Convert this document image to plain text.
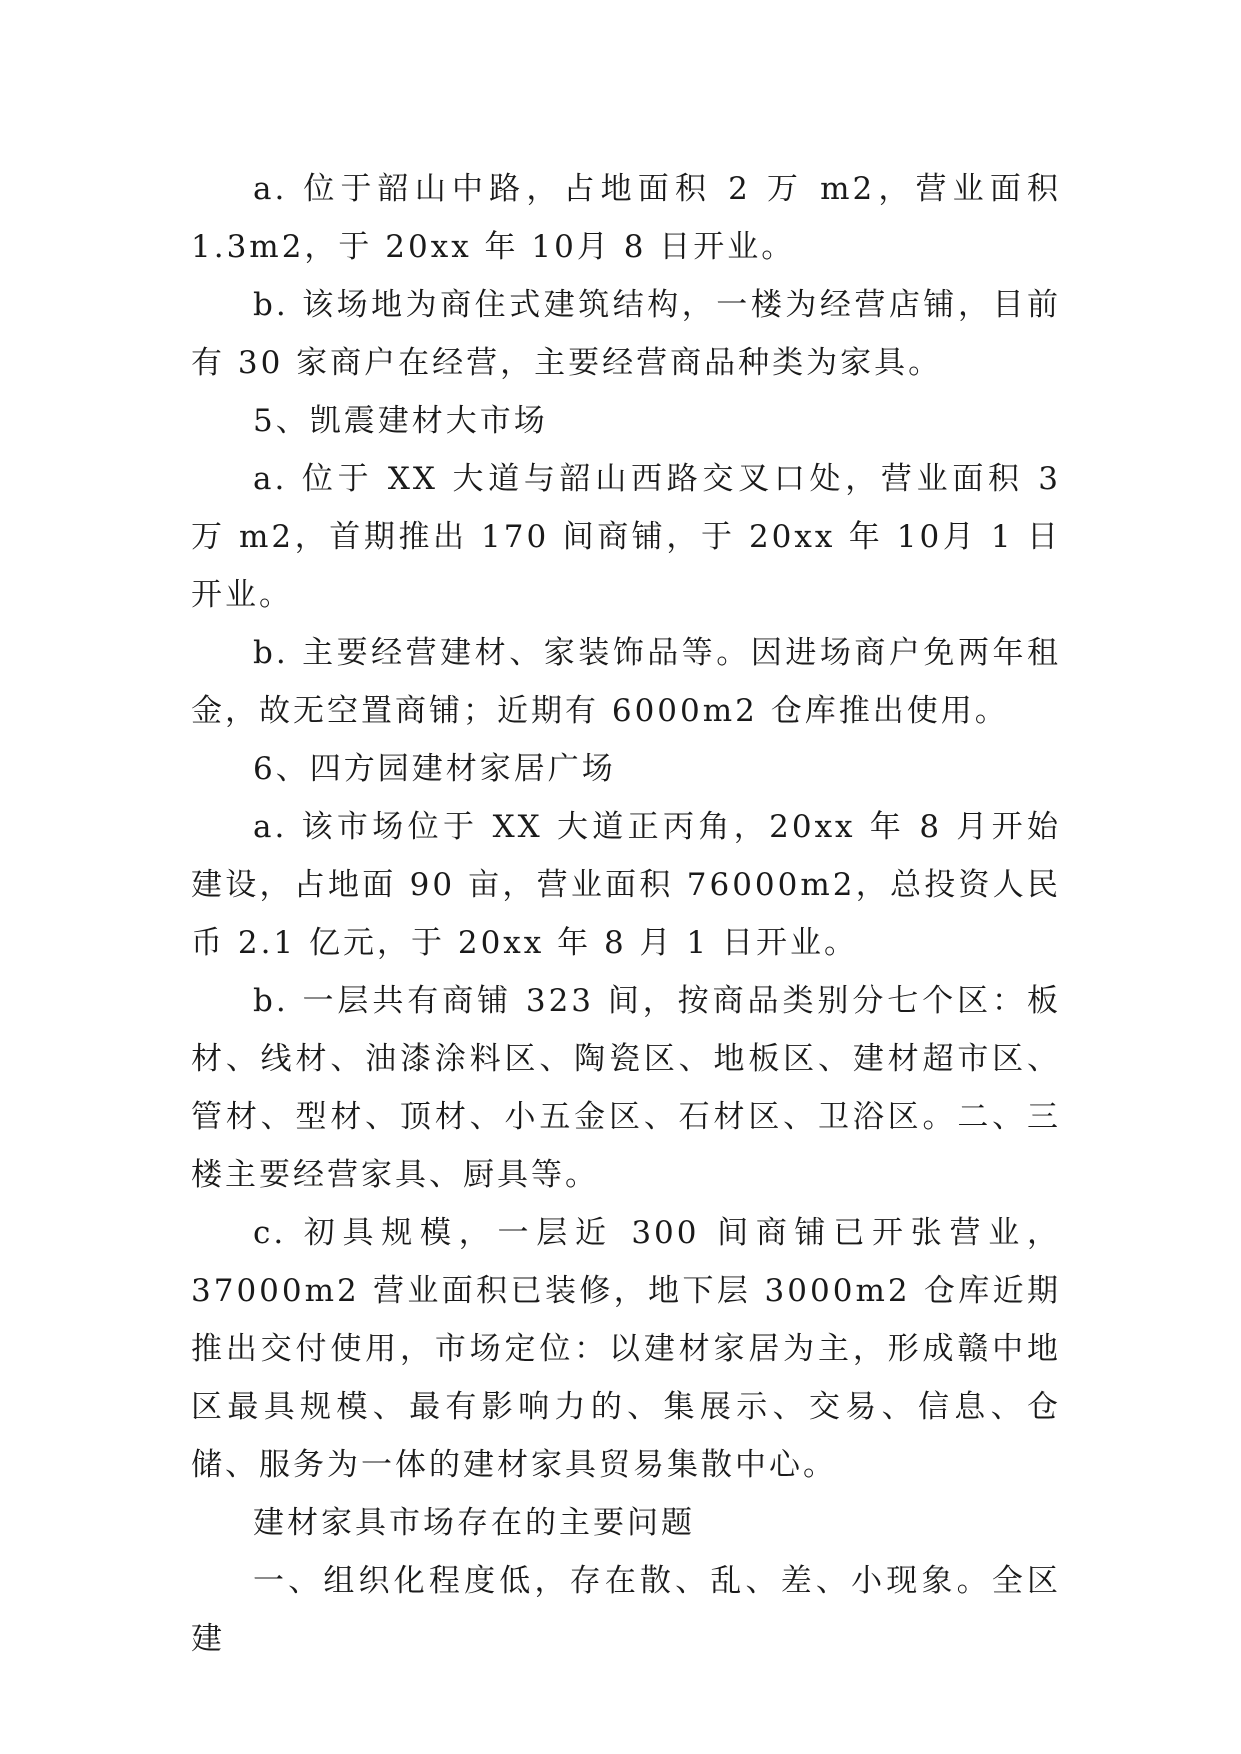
a. 位于韶山中路，占地面积 2 万 m2，营业面积 1.3m2，于 20xx 年 10月 8 日开业。

b. 该场地为商住式建筑结构，一楼为经营店铺，目前有 30 家商户在经营，主要经营商品种类为家具。

5、凯震建材大市场

a. 位于 XX 大道与韶山西路交叉口处，营业面积 3 万 m2，首期推出 170 间商铺，于 20xx 年 10月 1 日开业。

b. 主要经营建材、家装饰品等。因进场商户免两年租金，故无空置商铺；近期有 6000m2 仓库推出使用。

6、四方园建材家居广场

a. 该市场位于 XX 大道正丙角，20xx 年 8 月开始建设，占地面 90 亩，营业面积 76000m2，总投资人民币 2.1 亿元，于 20xx 年 8 月 1 日开业。

b. 一层共有商铺 323 间，按商品类别分七个区：板材、线材、油漆涂料区、陶瓷区、地板区、建材超市区、管材、型材、顶材、小五金区、石材区、卫浴区。二、三楼主要经营家具、厨具等。

c. 初具规模，一层近 300 间商铺已开张营业，37000m2 营业面积已装修，地下层 3000m2 仓库近期推出交付使用，市场定位：以建材家居为主，形成赣中地区最具规模、最有影响力的、集展示、交易、信息、仓储、服务为一体的建材家具贸易集散中心。

建材家具市场存在的主要问题

一、组织化程度低，存在散、乱、差、小现象。全区建
